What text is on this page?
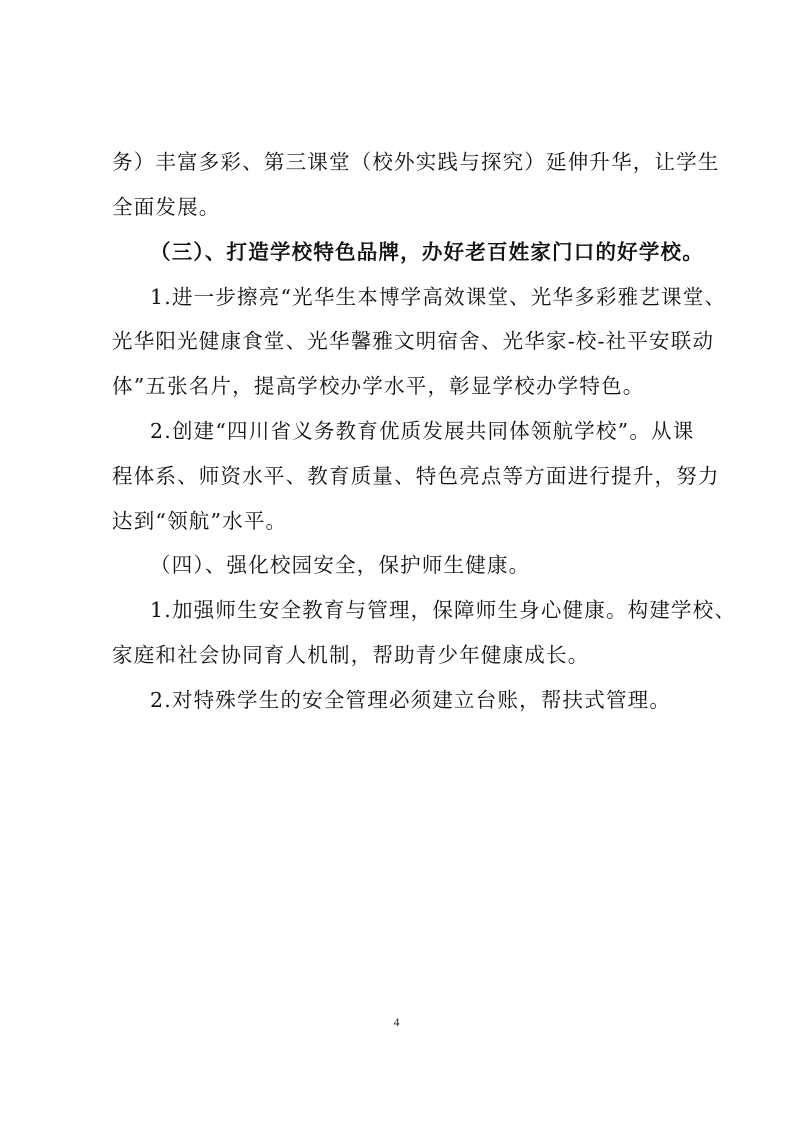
务）丰富多彩、第三课堂（校外实践与探究）延伸升华，让学生

全面发展。

（三）、打造学校特色品牌，办好老百姓家门口的好学校。

1.进一步擦亮“光华生本博学高效课堂、光华多彩雅艺课堂、

光华阳光健康食堂、光华馨雅文明宿舍、光华家-校-社平安联动

体”五张名片，提高学校办学水平，彰显学校办学特色。

2.创建“四川省义务教育优质发展共同体领航学校”。从课

程体系、师资水平、教育质量、特色亮点等方面进行提升，努力

达到“领航”水平。

（四）、强化校园安全，保护师生健康。

1.加强师生安全教育与管理，保障师生身心健康。构建学校、

家庭和社会协同育人机制，帮助青少年健康成长。

2.对特殊学生的安全管理必须建立台账，帮扶式管理。

4
